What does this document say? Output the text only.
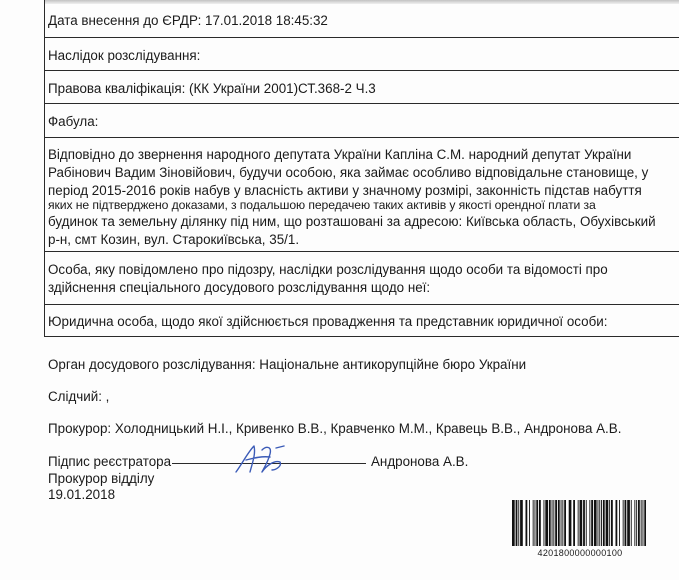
Дата внесення до ЄРДР: 17.01.2018 18:45:32
Наслідок розслідування:
Правова кваліфікація: (КК України 2001)СТ.368-2 Ч.3
Фабула:
Відповідно до звернення народного депутата України Капліна С.М. народний депутат України
Рабінович Вадим Зіновійович, будучи особою, яка займає особливо відповідальне становище, у
період 2015-2016 років набув у власність активи у значному розмірі, законність підстав набуття
яких не підтверджено доказами, з подальшою передачею таких активів у якості орендної плати за
будинок та земельну ділянку під ним, що розташовані за адресою: Київська область, Обухівський
р-н, смт Козин, вул. Старокиївська, 35/1.
Особа, яку повідомлено про підозру, наслідки розслідування щодо особи та відомості про
здійснення спеціального досудового розслідування щодо неї:
Юридична особа, щодо якої здійснюється провадження та представник юридичної особи:
Орган досудового розслідування: Національне антикорупційне бюро України
Слідчий: ,
Прокурор: Холодницький Н.І., Кривенко В.В., Кравченко М.М., Кравець В.В., Андронова А.В.
Підпис реєстратора	Андронова А.В.
Прокурор відділу
19.01.2018
4201800000000100
